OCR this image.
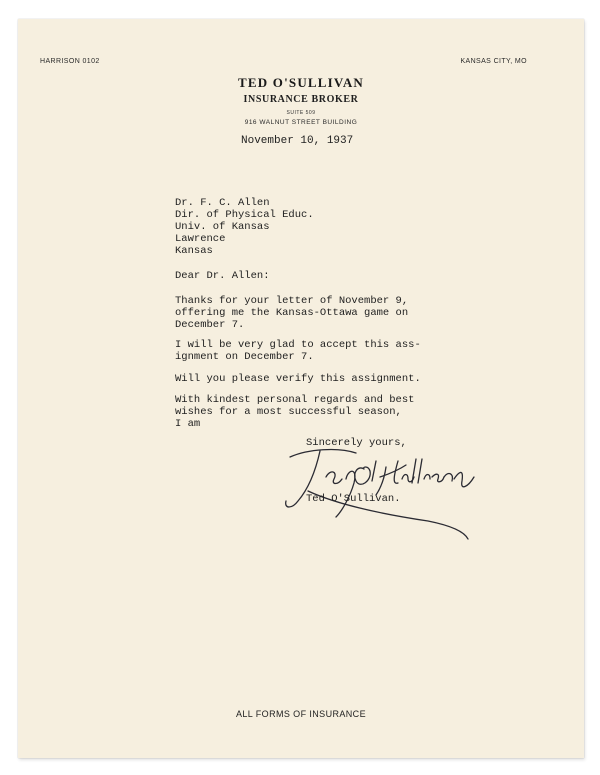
HARRISON 0102	KANSAS CITY, MO
TED O'SULLIVAN
INSURANCE BROKER
SUITE 509
916 WALNUT STREET BUILDING
November 10, 1937
Dr. F. C. Allen
Dir. of Physical Educ.
Univ. of Kansas
Lawrence
Kansas
Dear Dr. Allen:
Thanks for your letter of November 9,
offering me the Kansas-Ottawa game on
December 7.
I will be very glad to accept this ass-
ignment on December 7.
Will you please verify this assignment.
With kindest personal regards and best
wishes for a most successful season,
I am
Sincerely yours,
Ted O'Sullivan.
ALL FORMS OF INSURANCE
